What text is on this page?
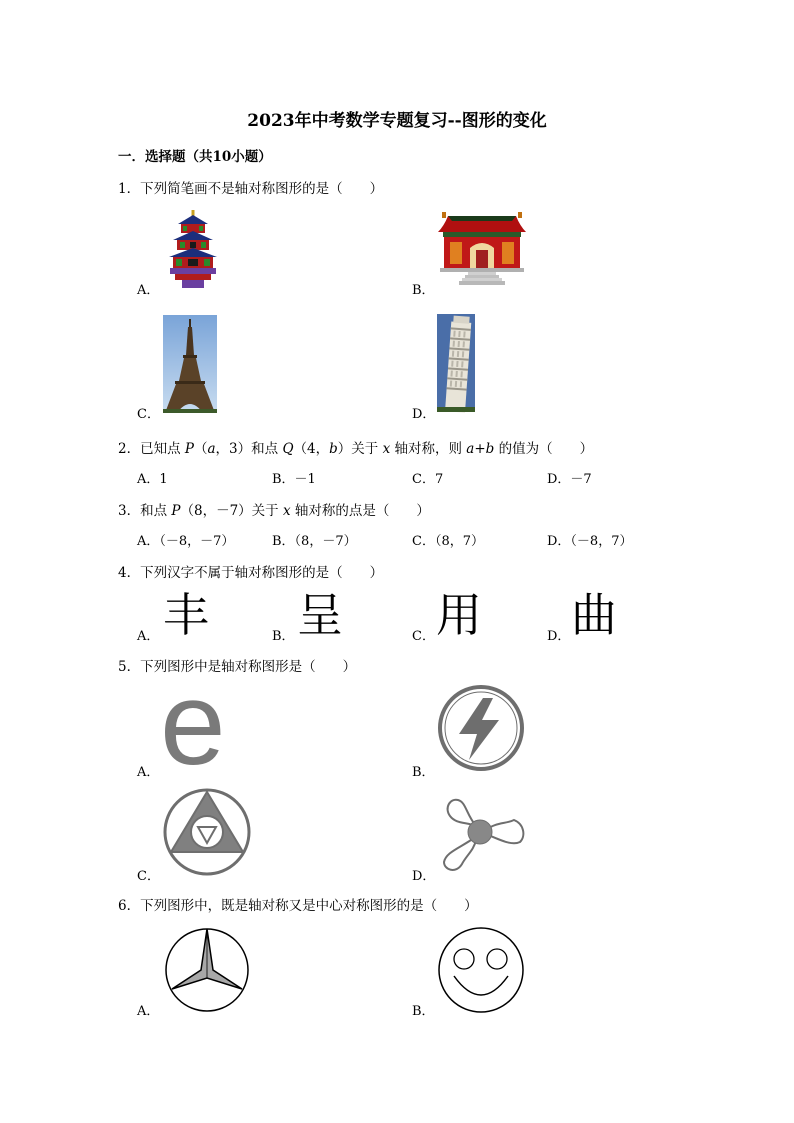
2023年中考数学专题复习--图形的变化
一．选择题（共10小题）
1．下列简笔画不是轴对称图形的是（　　）
A．	B．
C．	D．
2．已知点 P（a，3）和点 Q（4，b）关于 x 轴对称，则 a+b 的值为（　　）
A．1	B．－1	C．7	D．－7
3．和点 P（8，－7）关于 x 轴对称的点是（　　）
A．（－8，－7）	B．（8，－7）	C．（8，7）	D．（－8，7）
4．下列汉字不属于轴对称图形的是（　　）
A． 丰	B． 呈	C． 用	D． 曲
5．下列图形中是轴对称图形是（　　）
A． e	B．
C．	D．
6．下列图形中，既是轴对称又是中心对称图形的是（　　）
A．	B．
